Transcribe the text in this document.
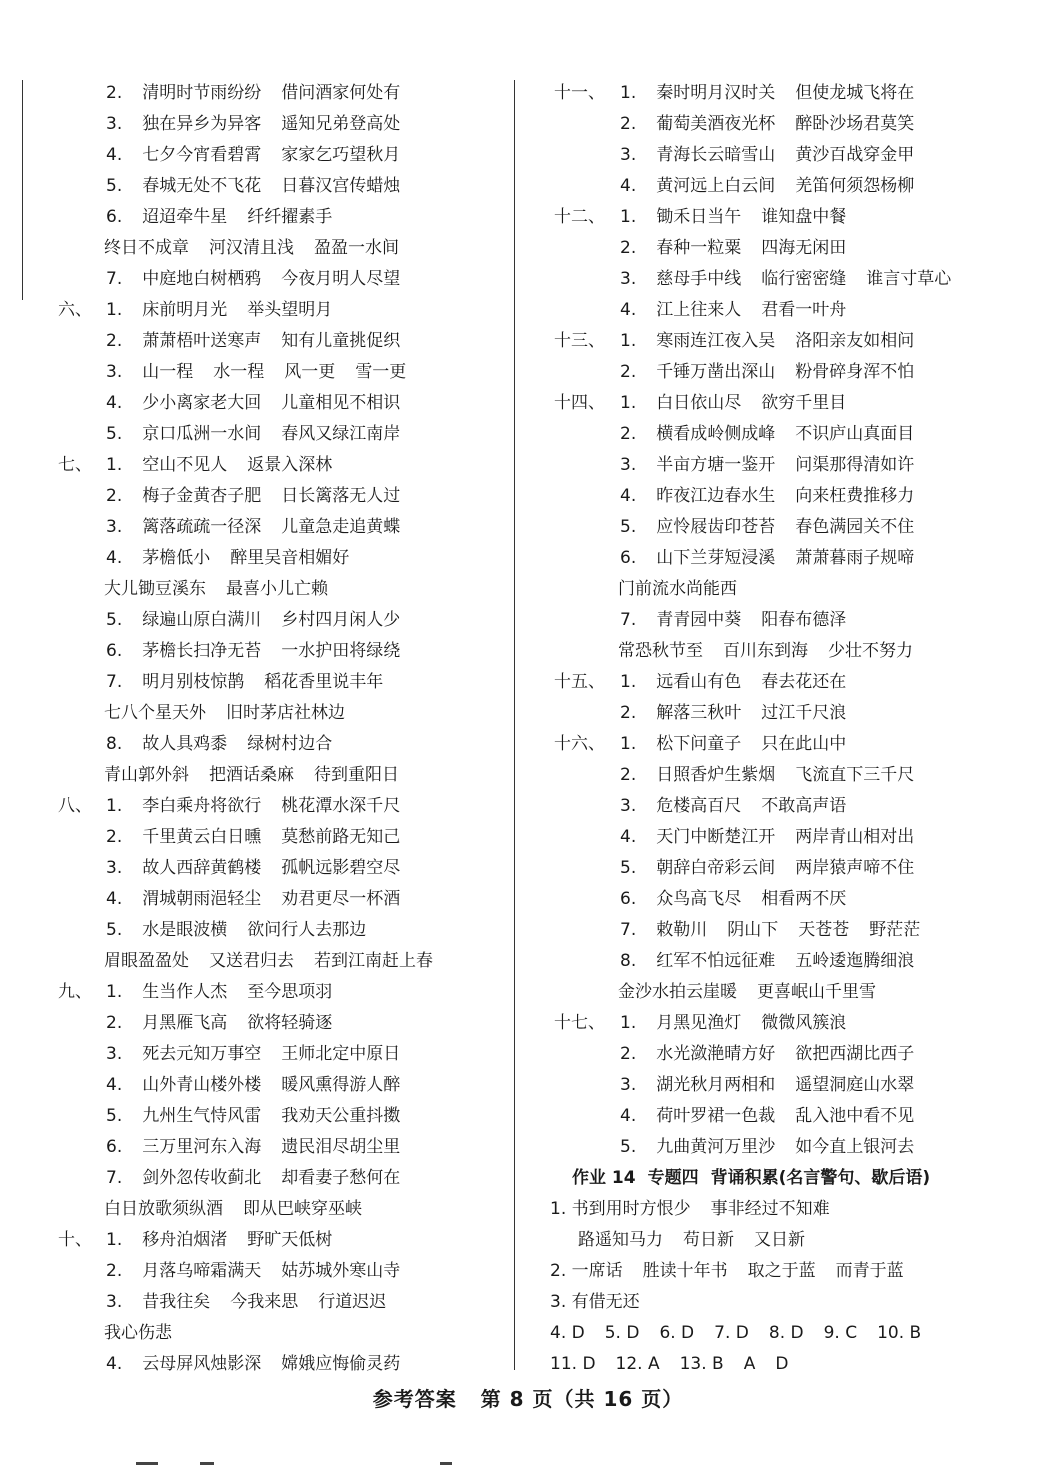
2. 清明时节雨纷纷 借问酒家何处有
3. 独在异乡为异客 遥知兄弟登高处
4. 七夕今宵看碧霄 家家乞巧望秋月
5. 春城无处不飞花 日暮汉宫传蜡烛
6. 迢迢牵牛星 纤纤擢素手
终日不成章 河汉清且浅 盈盈一水间
7. 中庭地白树栖鸦 今夜月明人尽望
六、 1. 床前明月光 举头望明月
2. 萧萧梧叶送寒声 知有儿童挑促织
3. 山一程 水一程 风一更 雪一更
4. 少小离家老大回 儿童相见不相识
5. 京口瓜洲一水间 春风又绿江南岸
七、 1. 空山不见人 返景入深林
2. 梅子金黄杏子肥 日长篱落无人过
3. 篱落疏疏一径深 儿童急走追黄蝶
4. 茅檐低小 醉里吴音相媚好
大儿锄豆溪东 最喜小儿亡赖
5. 绿遍山原白满川 乡村四月闲人少
6. 茅檐长扫净无苔 一水护田将绿绕
7. 明月别枝惊鹊 稻花香里说丰年
七八个星天外 旧时茅店社林边
8. 故人具鸡黍 绿树村边合
青山郭外斜 把酒话桑麻 待到重阳日
八、 1. 李白乘舟将欲行 桃花潭水深千尺
2. 千里黄云白日曛 莫愁前路无知己
3. 故人西辞黄鹤楼 孤帆远影碧空尽
4. 渭城朝雨浥轻尘 劝君更尽一杯酒
5. 水是眼波横 欲问行人去那边
眉眼盈盈处 又送君归去 若到江南赶上春
九、 1. 生当作人杰 至今思项羽
2. 月黑雁飞高 欲将轻骑逐
3. 死去元知万事空 王师北定中原日
4. 山外青山楼外楼 暖风熏得游人醉
5. 九州生气恃风雷 我劝天公重抖擞
6. 三万里河东入海 遗民泪尽胡尘里
7. 剑外忽传收蓟北 却看妻子愁何在
白日放歌须纵酒 即从巴峡穿巫峡
十、 1. 移舟泊烟渚 野旷天低树
2. 月落乌啼霜满天 姑苏城外寒山寺
3. 昔我往矣 今我来思 行道迟迟
我心伤悲
4. 云母屏风烛影深 嫦娥应悔偷灵药
十一、 1. 秦时明月汉时关 但使龙城飞将在
2. 葡萄美酒夜光杯 醉卧沙场君莫笑
3. 青海长云暗雪山 黄沙百战穿金甲
4. 黄河远上白云间 羌笛何须怨杨柳
十二、 1. 锄禾日当午 谁知盘中餐
2. 春种一粒粟 四海无闲田
3. 慈母手中线 临行密密缝 谁言寸草心
4. 江上往来人 君看一叶舟
十三、 1. 寒雨连江夜入吴 洛阳亲友如相问
2. 千锤万凿出深山 粉骨碎身浑不怕
十四、 1. 白日依山尽 欲穷千里目
2. 横看成岭侧成峰 不识庐山真面目
3. 半亩方塘一鉴开 问渠那得清如许
4. 昨夜江边春水生 向来枉费推移力
5. 应怜屐齿印苍苔 春色满园关不住
6. 山下兰芽短浸溪 萧萧暮雨子规啼
门前流水尚能西
7. 青青园中葵 阳春布德泽
常恐秋节至 百川东到海 少壮不努力
十五、 1. 远看山有色 春去花还在
2. 解落三秋叶 过江千尺浪
十六、 1. 松下问童子 只在此山中
2. 日照香炉生紫烟 飞流直下三千尺
3. 危楼高百尺 不敢高声语
4. 天门中断楚江开 两岸青山相对出
5. 朝辞白帝彩云间 两岸猿声啼不住
6. 众鸟高飞尽 相看两不厌
7. 敕勒川 阴山下 天苍苍 野茫茫
8. 红军不怕远征难 五岭逶迤腾细浪
金沙水拍云崖暖 更喜岷山千里雪
十七、 1. 月黑见渔灯 微微风簇浪
2. 水光潋滟晴方好 欲把西湖比西子
3. 湖光秋月两相和 遥望洞庭山水翠
4. 荷叶罗裙一色裁 乱入池中看不见
5. 九曲黄河万里沙 如今直上银河去
作业 14 专题四 背诵积累(名言警句、歇后语)
1. 书到用时方恨少 事非经过不知难
路遥知马力 苟日新 又日新
2. 一席话 胜读十年书 取之于蓝 而青于蓝
3. 有借无还
4. D 5. D 6. D 7. D 8. D 9. C 10. B
11. D 12. A 13. B A D
参考答案 第 8 页（共 16 页）
